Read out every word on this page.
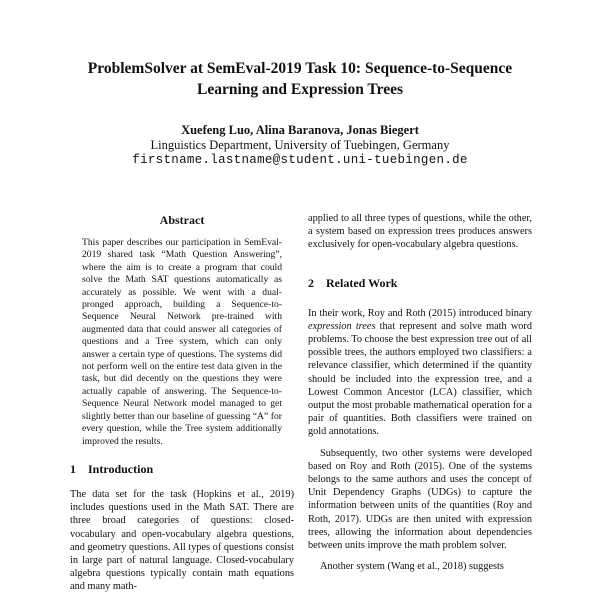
ProblemSolver at SemEval-2019 Task 10: Sequence-to-Sequence Learning and Expression Trees
Xuefeng Luo, Alina Baranova, Jonas Biegert
Linguistics Department, University of Tuebingen, Germany
firstname.lastname@student.uni-tuebingen.de
Abstract

This paper describes our participation in SemEval-2019 shared task “Math Question Answering”, where the aim is to create a program that could solve the Math SAT questions automatically as accurately as possible. We went with a dual-pronged approach, building a Sequence-to-Sequence Neural Network pre-trained with augmented data that could answer all categories of questions and a Tree system, which can only answer a certain type of questions. The systems did not perform well on the entire test data given in the task, but did decently on the questions they were actually capable of answering. The Sequence-to-Sequence Neural Network model managed to get slightly better than our baseline of guessing “A” for every question, while the Tree system additionally improved the results.

1 Introduction

The data set for the task (Hopkins et al., 2019) includes questions used in the Math SAT. There are three broad categories of questions: closed-vocabulary and open-vocabulary algebra questions, and geometry questions. All types of questions consist in large part of natural language. Closed-vocabulary algebra questions typically contain math equations and many math-

applied to all three types of questions, while the other, a system based on expression trees produces answers exclusively for open-vocabulary algebra questions.

2 Related Work

In their work, Roy and Roth (2015) introduced binary expression trees that represent and solve math word problems. To choose the best expression tree out of all possible trees, the authors employed two classifiers: a relevance classifier, which determined if the quantity should be included into the expression tree, and a Lowest Common Ancestor (LCA) classifier, which output the most probable mathematical operation for a pair of quantities. Both classifiers were trained on gold annotations.

Subsequently, two other systems were developed based on Roy and Roth (2015). One of the systems belongs to the same authors and uses the concept of Unit Dependency Graphs (UDGs) to capture the information between units of the quantities (Roy and Roth, 2017). UDGs are then united with expression trees, allowing the information about dependencies between units improve the math problem solver.

Another system (Wang et al., 2018) suggests
